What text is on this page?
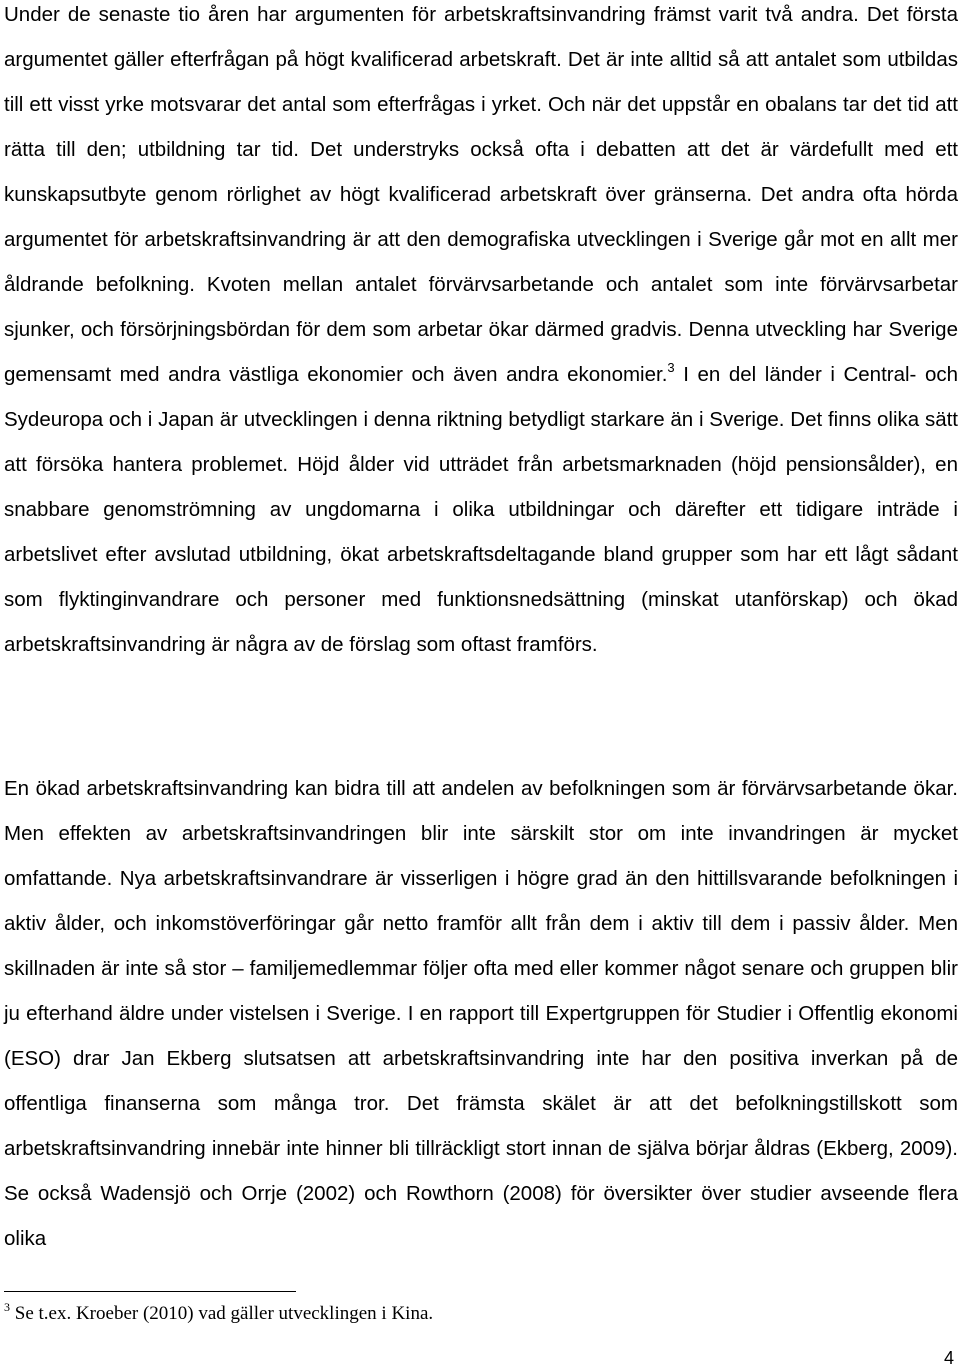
Under de senaste tio åren har argumenten för arbetskraftsinvandring främst varit två andra. Det första argumentet gäller efterfrågan på högt kvalificerad arbetskraft. Det är inte alltid så att antalet som utbildas till ett visst yrke motsvarar det antal som efterfrågas i yrket. Och när det uppstår en obalans tar det tid att rätta till den; utbildning tar tid. Det understryks också ofta i debatten att det är värdefullt med ett kunskapsutbyte genom rörlighet av högt kvalificerad arbetskraft över gränserna. Det andra ofta hörda argumentet för arbetskraftsinvandring är att den demografiska utvecklingen i Sverige går mot en allt mer åldrande befolkning. Kvoten mellan antalet förvärvsarbetande och antalet som inte förvärvsarbetar sjunker, och försörjningsbördan för dem som arbetar ökar därmed gradvis. Denna utveckling har Sverige gemensamt med andra västliga ekonomier och även andra ekonomier.$^3$ I en del länder i Central- och Sydeuropa och i Japan är utvecklingen i denna riktning betydligt starkare än i Sverige. Det finns olika sätt att försöka hantera problemet. Höjd ålder vid utträdet från arbetsmarknaden (höjd pensionsålder), en snabbare genomströmning av ungdomarna i olika utbildningar och därefter ett tidigare inträde i arbetslivet efter avslutad utbildning, ökat arbetskraftsdeltagande bland grupper som har ett lågt sådant som flyktinginvandrare och personer med funktionsnedsättning (minskat utanförskap) och ökad arbetskraftsinvandring är några av de förslag som oftast framförs.

En ökad arbetskraftsinvandring kan bidra till att andelen av befolkningen som är förvärvsarbetande ökar. Men effekten av arbetskraftsinvandringen blir inte särskilt stor om inte invandringen är mycket omfattande. Nya arbetskraftsinvandrare är visserligen i högre grad än den hittillsvarande befolkningen i aktiv ålder, och inkomstöverföringar går netto framför allt från dem i aktiv till dem i passiv ålder. Men skillnaden är inte så stor – familjemedlemmar följer ofta med eller kommer något senare och gruppen blir ju efterhand äldre under vistelsen i Sverige. I en rapport till Expertgruppen för Studier i Offentlig ekonomi (ESO) drar Jan Ekberg slutsatsen att arbetskraftsinvandring inte har den positiva inverkan på de offentliga finanserna som många tror. Det främsta skälet är att det befolkningstillskott som arbetskraftsinvandring innebär inte hinner bli tillräckligt stort innan de själva börjar åldras (Ekberg, 2009). Se också Wadensjö och Orrje (2002) och Rowthorn (2008) för översikter över studier avseende flera olika

$^3$ Se t.ex. Kroeber (2010) vad gäller utvecklingen i Kina.

4
